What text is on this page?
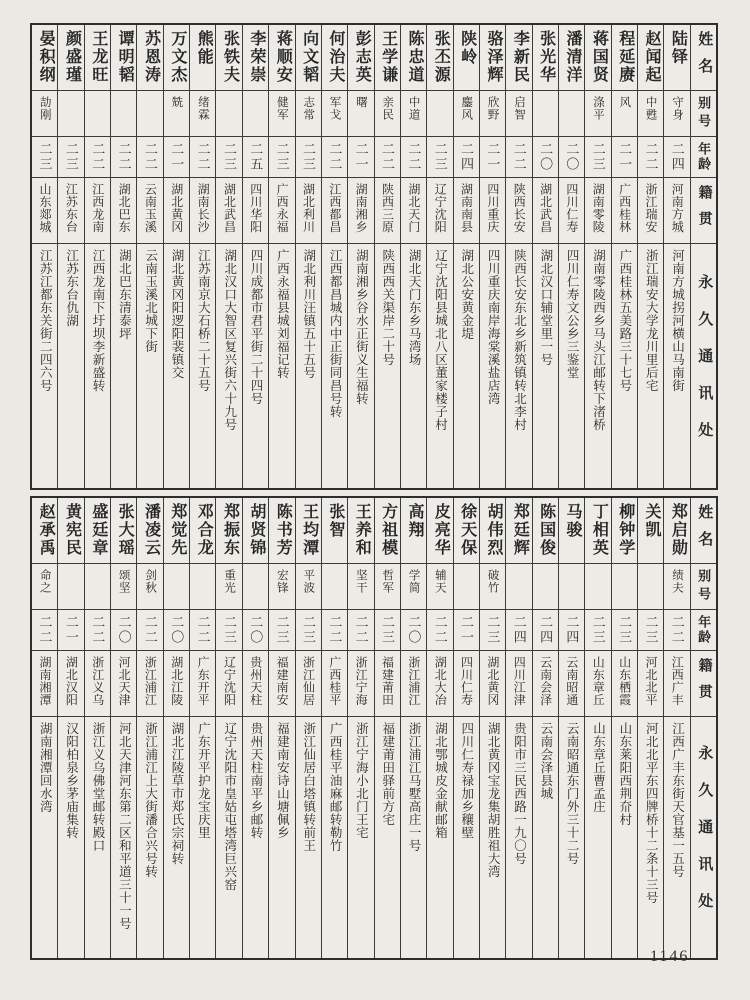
姓名
别号
年龄
籍贯
永久通讯处
陆铎
守身
二四
河南方城
河南方城拐河横山马南街
赵闻起
中甦
二二
浙江瑞安
浙江瑞安大学龙川里后宅
程延赓
风
二一
广西桂林
广西桂林五美路三十七号
蒋国贤
涤平
二三
湖南零陵
湖南零陵西乡马头江邮转下渚桥
潘清洋
二〇
四川仁寿
四川仁寿文公乡三鉴堂
张光华
二〇
湖北武昌
湖北汉口辅堂里一号
李新民
启智
二二
陕西长安
陕西长安东北乡新筑镇转北李村
骆泽辉
欣野
二一
四川重庆
四川重庆南岸海棠溪盐店湾
陕岭
鏖风
二四
湖南南县
湖北公安黄金堤
张丕源
二三
辽宁沈阳
辽宁沈阳县城北八区董家楼子村
陈忠道
中道
二二
湖北天门
湖北天门东乡马湾场
王学谦
亲民
二二
陕西三原
陕西西关渠岸二十号
彭志英
曙
二一
湖南湘乡
湖南湘乡谷水正街义生福转
何治夫
军戈
二二
江西都昌
江西都昌城内中正街同昌号转
向文韬
志常
二三
湖北利川
湖北利川汪镇五十五号
蒋顺安
健军
二三
广西永福
广西永福县城刘福记转
李荣崇
二五
四川华阳
四川成都市君平街二十四号
张铁夫
二三
湖北武昌
湖北汉口大智区复兴街六十九号
熊能
绪霖
二二
湖南长沙
江苏南京大石桥二十五号
万文杰
兟
二一
湖北黄冈
湖北黄冈阳逻阳裴镇交
苏恩涛
二二
云南玉溪
云南玉溪北城下街
谭明韬
二二
湖北巴东
湖北巴东清泰坪
王龙旺
二二
江西龙南
江西龙南下圩坝李新盛转
颜盛瑾
二三
江苏东台
江苏东台仇湖
晏积纲
劼刚
二三
山东郯城
江苏江都东关街二四六号
姓名
别号
年龄
籍贯
永久通讯处
郑启勋
绩夫
二二
江西广丰
江西广丰东街天官基一五号
关凯
二三
河北北平
河北北平东四牌桥十二条十三号
柳钟学
二三
山东栖霞
山东莱阳西荆夼村
丁相英
二三
山东章丘
山东章丘曹孟庄
马骏
二四
云南昭通
云南昭通东门外三十二号
陈国俊
二四
云南会泽
云南会泽县城
郑廷辉
二四
四川江津
贵阳市三民西路一九〇号
胡伟烈
破竹
二三
湖北黄冈
湖北黄冈宝龙集胡胜祖大湾
徐天保
二一
四川仁寿
四川仁寿禄加乡穰壁
皮亮华
辅天
二二
湖北大冶
湖北鄂城皮金献邮箱
高翔
学简
二〇
浙江浦江
浙江浦江马墅高庄一号
方祖模
哲军
二三
福建莆田
福建莆田驿前方宅
王养和
坚干
二二
浙江宁海
浙江宁海小北门王宅
张智
二二
广西桂平
广西桂平油麻邮转勒竹
王均潭
平波
二三
浙江仙居
浙江仙居白塔镇转前王
陈书芳
宏锋
二三
福建南安
福建南安诗山塘佩乡
胡贤锦
二〇
贵州天柱
贵州天柱南平乡邮转
郑振东
重光
二三
辽宁沈阳
辽宁沈阳市皇姑屯塔湾巨兴窑
邓合龙
二二
广东开平
广东开平护龙宝庆里
郑觉先
二〇
湖北江陵
湖北江陵草市郑氏宗祠转
潘凌云
剑秋
二二
浙江浦江
浙江浦江上大街潘合兴号转
张大瑶
颂坚
二〇
河北天津
河北天津河东第二区和平道三十一号
盛廷章
二二
浙江义乌
浙江义乌佛堂邮转殿口
黄宪民
二一
湖北汉阳
汉阳柏泉乡茅庙集转
赵承禹
命之
二二
湖南湘潭
湖南湘潭回水湾
1146
